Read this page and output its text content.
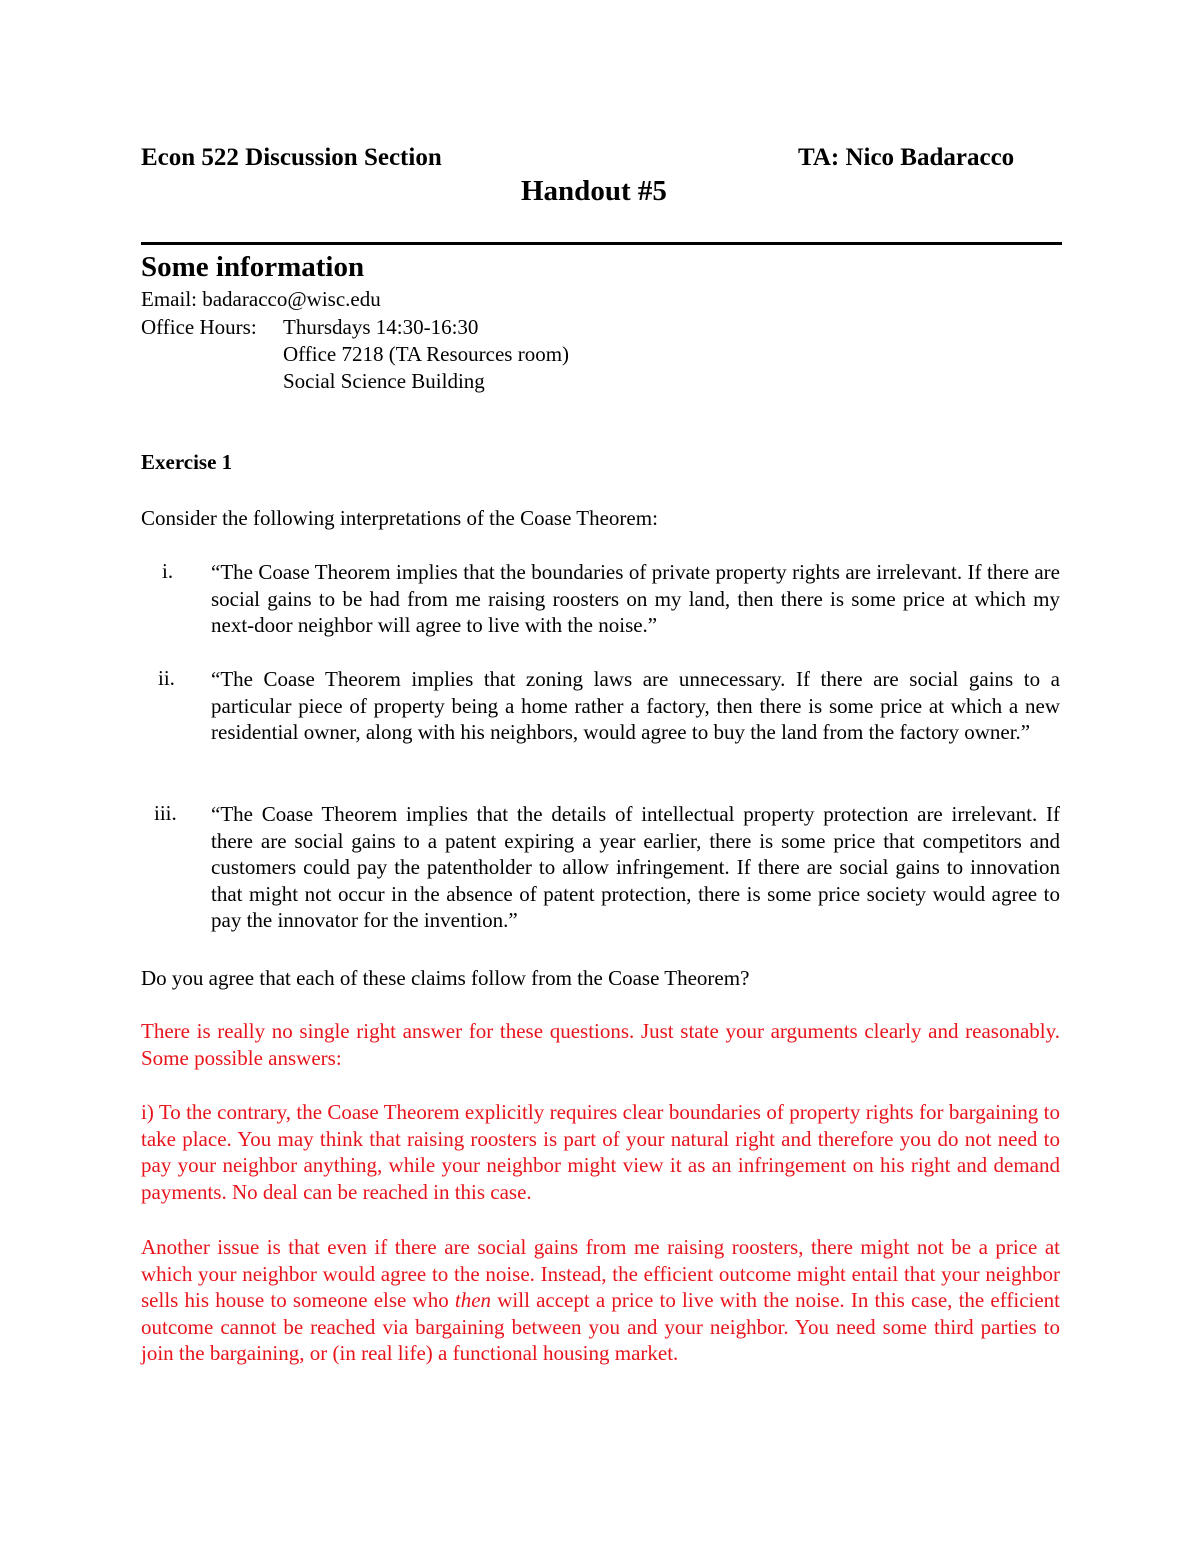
Econ 522 Discussion Section	TA: Nico Badaracco
Handout #5
Some information
Email: badaracco@wisc.edu
Office Hours: Thursdays 14:30-16:30
Office 7218 (TA Resources room)
Social Science Building
Exercise 1
Consider the following interpretations of the Coase Theorem:
i. “The Coase Theorem implies that the boundaries of private property rights are irrelevant. If there are social gains to be had from me raising roosters on my land, then there is some price at which my next-door neighbor will agree to live with the noise.”
ii. “The Coase Theorem implies that zoning laws are unnecessary. If there are social gains to a particular piece of property being a home rather a factory, then there is some price at which a new residential owner, along with his neighbors, would agree to buy the land from the factory owner.”
iii. “The Coase Theorem implies that the details of intellectual property protection are irrelevant. If there are social gains to a patent expiring a year earlier, there is some price that competitors and customers could pay the patentholder to allow infringement. If there are social gains to innovation that might not occur in the absence of patent protection, there is some price society would agree to pay the innovator for the invention.”
Do you agree that each of these claims follow from the Coase Theorem?
There is really no single right answer for these questions. Just state your arguments clearly and reasonably. Some possible answers:
i) To the contrary, the Coase Theorem explicitly requires clear boundaries of property rights for bargaining to take place. You may think that raising roosters is part of your natural right and therefore you do not need to pay your neighbor anything, while your neighbor might view it as an infringement on his right and demand payments. No deal can be reached in this case.
Another issue is that even if there are social gains from me raising roosters, there might not be a price at which your neighbor would agree to the noise. Instead, the efficient outcome might entail that your neighbor sells his house to someone else who then will accept a price to live with the noise. In this case, the efficient outcome cannot be reached via bargaining between you and your neighbor. You need some third parties to join the bargaining, or (in real life) a functional housing market.
